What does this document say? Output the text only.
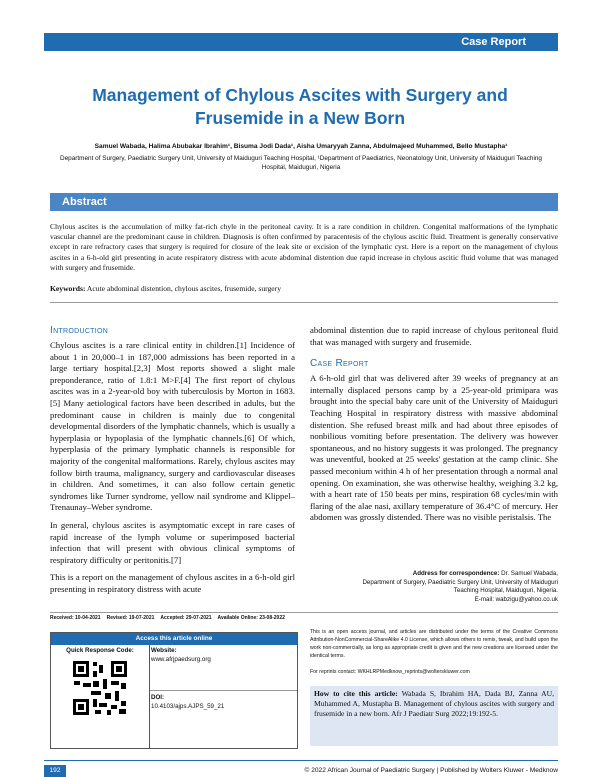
Case Report
Management of Chylous Ascites with Surgery and Frusemide in a New Born
Samuel Wabada, Halima Abubakar Ibrahim¹, Bisuma Jodi Dada¹, Aisha Umaryyah Zanna, Abdulmajeed Muhammed, Bello Mustapha¹
Department of Surgery, Paediatric Surgery Unit, University of Maiduguri Teaching Hospital, ¹Department of Paediatrics, Neonatology Unit, University of Maiduguri Teaching Hospital, Maiduguri, Nigeria
Abstract
Chylous ascites is the accumulation of milky fat-rich chyle in the peritoneal cavity. It is a rare condition in children. Congenital malformations of the lymphatic vascular channel are the predominant cause in children. Diagnosis is often confirmed by paracentesis of the chylous ascitic fluid. Treatment is generally conservative except in rare refractory cases that surgery is required for closure of the leak site or excision of the lymphatic cyst. Here is a report on the management of chylous ascites in a 6-h-old girl presenting in acute respiratory distress with acute abdominal distention due rapid increase in chylous ascitic fluid volume that was managed with surgery and frusemide.
Keywords: Acute abdominal distention, chylous ascites, frusemide, surgery
Introduction

Chylous ascites is a rare clinical entity in children.[1] Incidence of about 1 in 20,000–1 in 187,000 admissions has been reported in a large tertiary hospital.[2,3] Most reports showed a slight male preponderance, ratio of 1.8:1 M>F.[4] The first report of chylous ascites was in a 2-year-old boy with tuberculosis by Morton in 1683.[5] Many aetiological factors have been described in adults, but the predominant cause in children is mainly due to congenital developmental disorders of the lymphatic channels, which is usually a hyperplasia or hypoplasia of the lymphatic channels.[6] Of which, hyperplasia of the primary lymphatic channels is responsible for majority of the congenital malformations. Rarely, chylous ascites may follow birth trauma, malignancy, surgery and cardiovascular diseases in children. And sometimes, it can also follow certain genetic syndromes like Turner syndrome, yellow nail syndrome and Klippel–Trenaunay–Weber syndrome.

In general, chylous ascites is asymptomatic except in rare cases of rapid increase of the lymph volume or superimposed bacterial infection that will present with obvious clinical symptoms of respiratory difficulty or peritonitis.[7]

This is a report on the management of chylous ascites in a 6-h-old girl presenting in respiratory distress with acute

abdominal distention due to rapid increase of chylous peritoneal fluid that was managed with surgery and frusemide.
Case Report

A 6-h-old girl that was delivered after 39 weeks of pregnancy at an internally displaced persons camp by a 25-year-old primipara was brought into the special baby care unit of the University of Maiduguri Teaching Hospital in respiratory distress with massive abdominal distention. She refused breast milk and had about three episodes of nonbilious vomiting before presentation. The delivery was however spontaneous, and no history suggests it was prolonged. The pregnancy was uneventful, booked at 25 weeks' gestation at the camp clinic. She passed meconium within 4 h of her presentation through a normal anal opening. On examination, she was otherwise healthy, weighing 3.2 kg, with a heart rate of 150 beats per mins, respiration 68 cycles/min with flaring of the alae nasi, axillary temperature of 36.4°C of mercury. Her abdomen was grossly distended. There was no visible peristalsis. The

Address for correspondence: Dr. Samuel Wabada,
Department of Surgery, Paediatric Surgery Unit, University of Maiduguri
Teaching Hospital, Maiduguri, Nigeria.
E-mail: wabzigu@yahoo.co.uk
Received: 10-04-2021 Revised: 19-07-2021 Accepted: 29-07-2021 Available Online: 23-08-2022
Access this article online
Quick Response Code:	Website:
www.afrjpaedsurg.org
DOI:
10.4103/ajps.AJPS_59_21
This is an open access journal, and articles are distributed under the terms of the Creative Commons Attribution-NonCommercial-ShareAlike 4.0 License, which allows others to remix, tweak, and build upon the work non-commercially, as long as appropriate credit is given and the new creations are licensed under the identical terms.
For reprints contact: WKHLRPMedknow_reprints@wolterskluwer.com
How to cite this article: Wabada S, Ibrahim HA, Dada BJ, Zanna AU, Muhammed A, Mustapha B. Management of chylous ascites with surgery and frusemide in a new born. Afr J Paediatr Surg 2022;19:192-5.
192	© 2022 African Journal of Paediatric Surgery | Published by Wolters Kluwer - Medknow
